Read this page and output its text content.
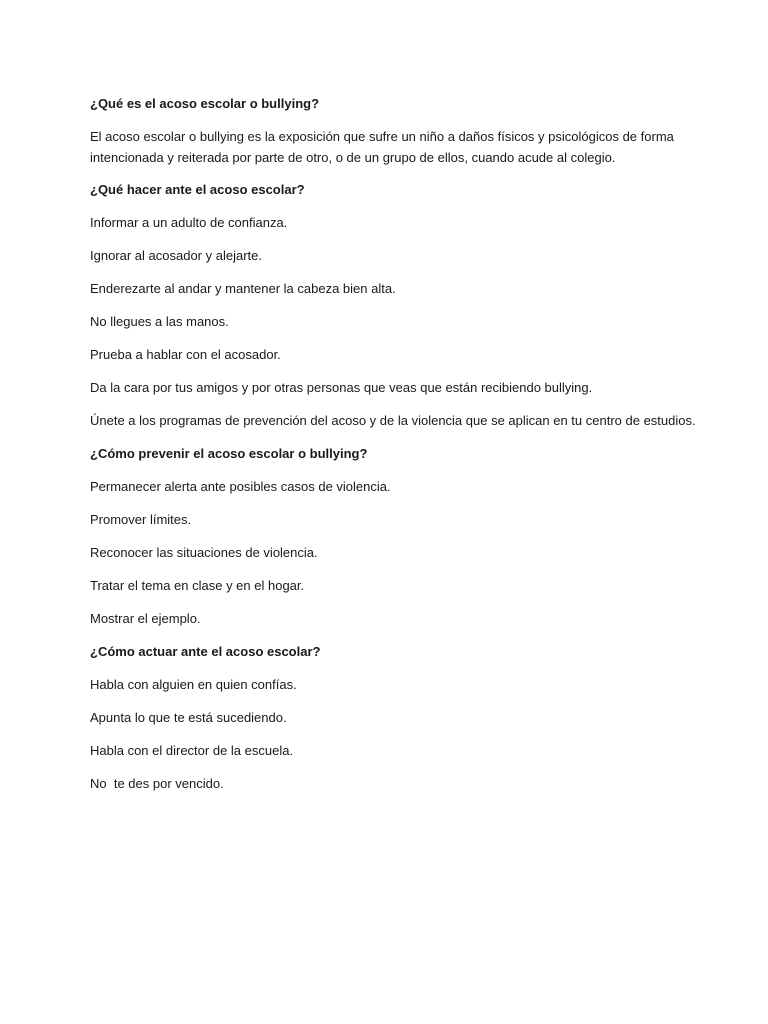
¿Qué es el acoso escolar o bullying?

El acoso escolar o bullying es la exposición que sufre un niño a daños físicos y psicológicos de forma
intencionada y reiterada por parte de otro, o de un grupo de ellos, cuando acude al colegio.

¿Qué hacer ante el acoso escolar?

Informar a un adulto de confianza.

Ignorar al acosador y alejarte.

Enderezarte al andar y mantener la cabeza bien alta.

No llegues a las manos.

Prueba a hablar con el acosador.

Da la cara por tus amigos y por otras personas que veas que están recibiendo bullying.

Únete a los programas de prevención del acoso y de la violencia que se aplican en tu centro de estudios.

¿Cómo prevenir el acoso escolar o bullying?

Permanecer alerta ante posibles casos de violencia.

Promover límites.

Reconocer las situaciones de violencia.

Tratar el tema en clase y en el hogar.

Mostrar el ejemplo.

¿Cómo actuar ante el acoso escolar?

Habla con alguien en quien confías.

Apunta lo que te está sucediendo.

Habla con el director de la escuela.

No  te des por vencido.
